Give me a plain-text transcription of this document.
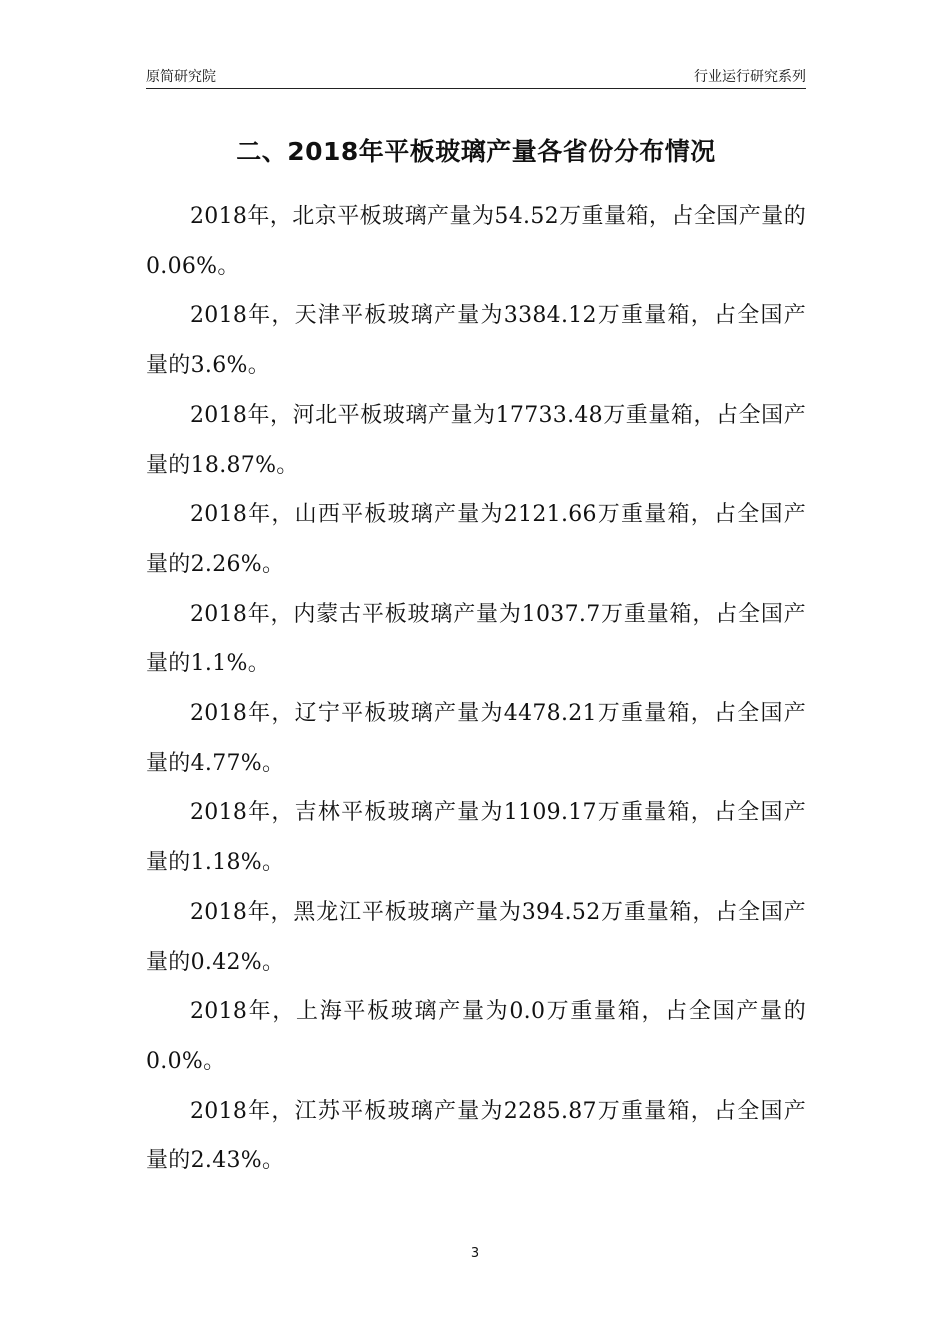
原简研究院	行业运行研究系列
二、2018年平板玻璃产量各省份分布情况

2018年，北京平板玻璃产量为54.52万重量箱，占全国产量的0.06%。

2018年，天津平板玻璃产量为3384.12万重量箱，占全国产量的3.6%。

2018年，河北平板玻璃产量为17733.48万重量箱，占全国产量的18.87%。

2018年，山西平板玻璃产量为2121.66万重量箱，占全国产量的2.26%。

2018年，内蒙古平板玻璃产量为1037.7万重量箱，占全国产量的1.1%。

2018年，辽宁平板玻璃产量为4478.21万重量箱，占全国产量的4.77%。

2018年，吉林平板玻璃产量为1109.17万重量箱，占全国产量的1.18%。

2018年，黑龙江平板玻璃产量为394.52万重量箱，占全国产量的0.42%。

2018年，上海平板玻璃产量为0.0万重量箱，占全国产量的0.0%。

2018年，江苏平板玻璃产量为2285.87万重量箱，占全国产量的2.43%。

3
